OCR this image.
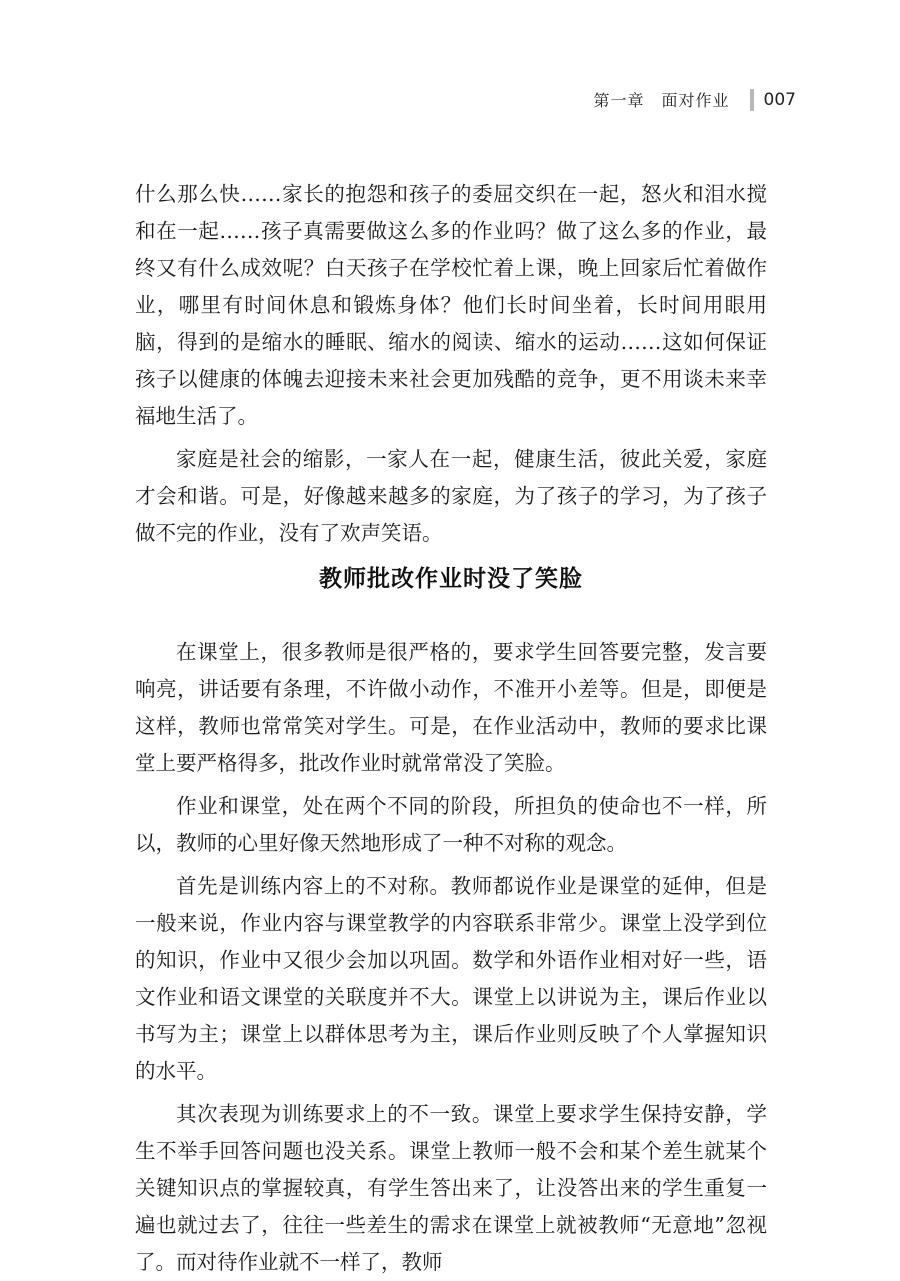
第一章　面对作业 007

什么那么快……家长的抱怨和孩子的委屈交织在一起，怒火和泪水搅和在一起……孩子真需要做这么多的作业吗？做了这么多的作业，最终又有什么成效呢？白天孩子在学校忙着上课，晚上回家后忙着做作业，哪里有时间休息和锻炼身体？他们长时间坐着，长时间用眼用脑，得到的是缩水的睡眠、缩水的阅读、缩水的运动……这如何保证孩子以健康的体魄去迎接未来社会更加残酷的竞争，更不用谈未来幸福地生活了。

家庭是社会的缩影，一家人在一起，健康生活，彼此关爱，家庭才会和谐。可是，好像越来越多的家庭，为了孩子的学习，为了孩子做不完的作业，没有了欢声笑语。

教师批改作业时没了笑脸

在课堂上，很多教师是很严格的，要求学生回答要完整，发言要响亮，讲话要有条理，不许做小动作，不准开小差等。但是，即便是这样，教师也常常笑对学生。可是，在作业活动中，教师的要求比课堂上要严格得多，批改作业时就常常没了笑脸。

作业和课堂，处在两个不同的阶段，所担负的使命也不一样，所以，教师的心里好像天然地形成了一种不对称的观念。

首先是训练内容上的不对称。教师都说作业是课堂的延伸，但是一般来说，作业内容与课堂教学的内容联系非常少。课堂上没学到位的知识，作业中又很少会加以巩固。数学和外语作业相对好一些，语文作业和语文课堂的关联度并不大。课堂上以讲说为主，课后作业以书写为主；课堂上以群体思考为主，课后作业则反映了个人掌握知识的水平。

其次表现为训练要求上的不一致。课堂上要求学生保持安静，学生不举手回答问题也没关系。课堂上教师一般不会和某个差生就某个关键知识点的掌握较真，有学生答出来了，让没答出来的学生重复一遍也就过去了，往往一些差生的需求在课堂上就被教师“无意地”忽视了。而对待作业就不一样了，教师
